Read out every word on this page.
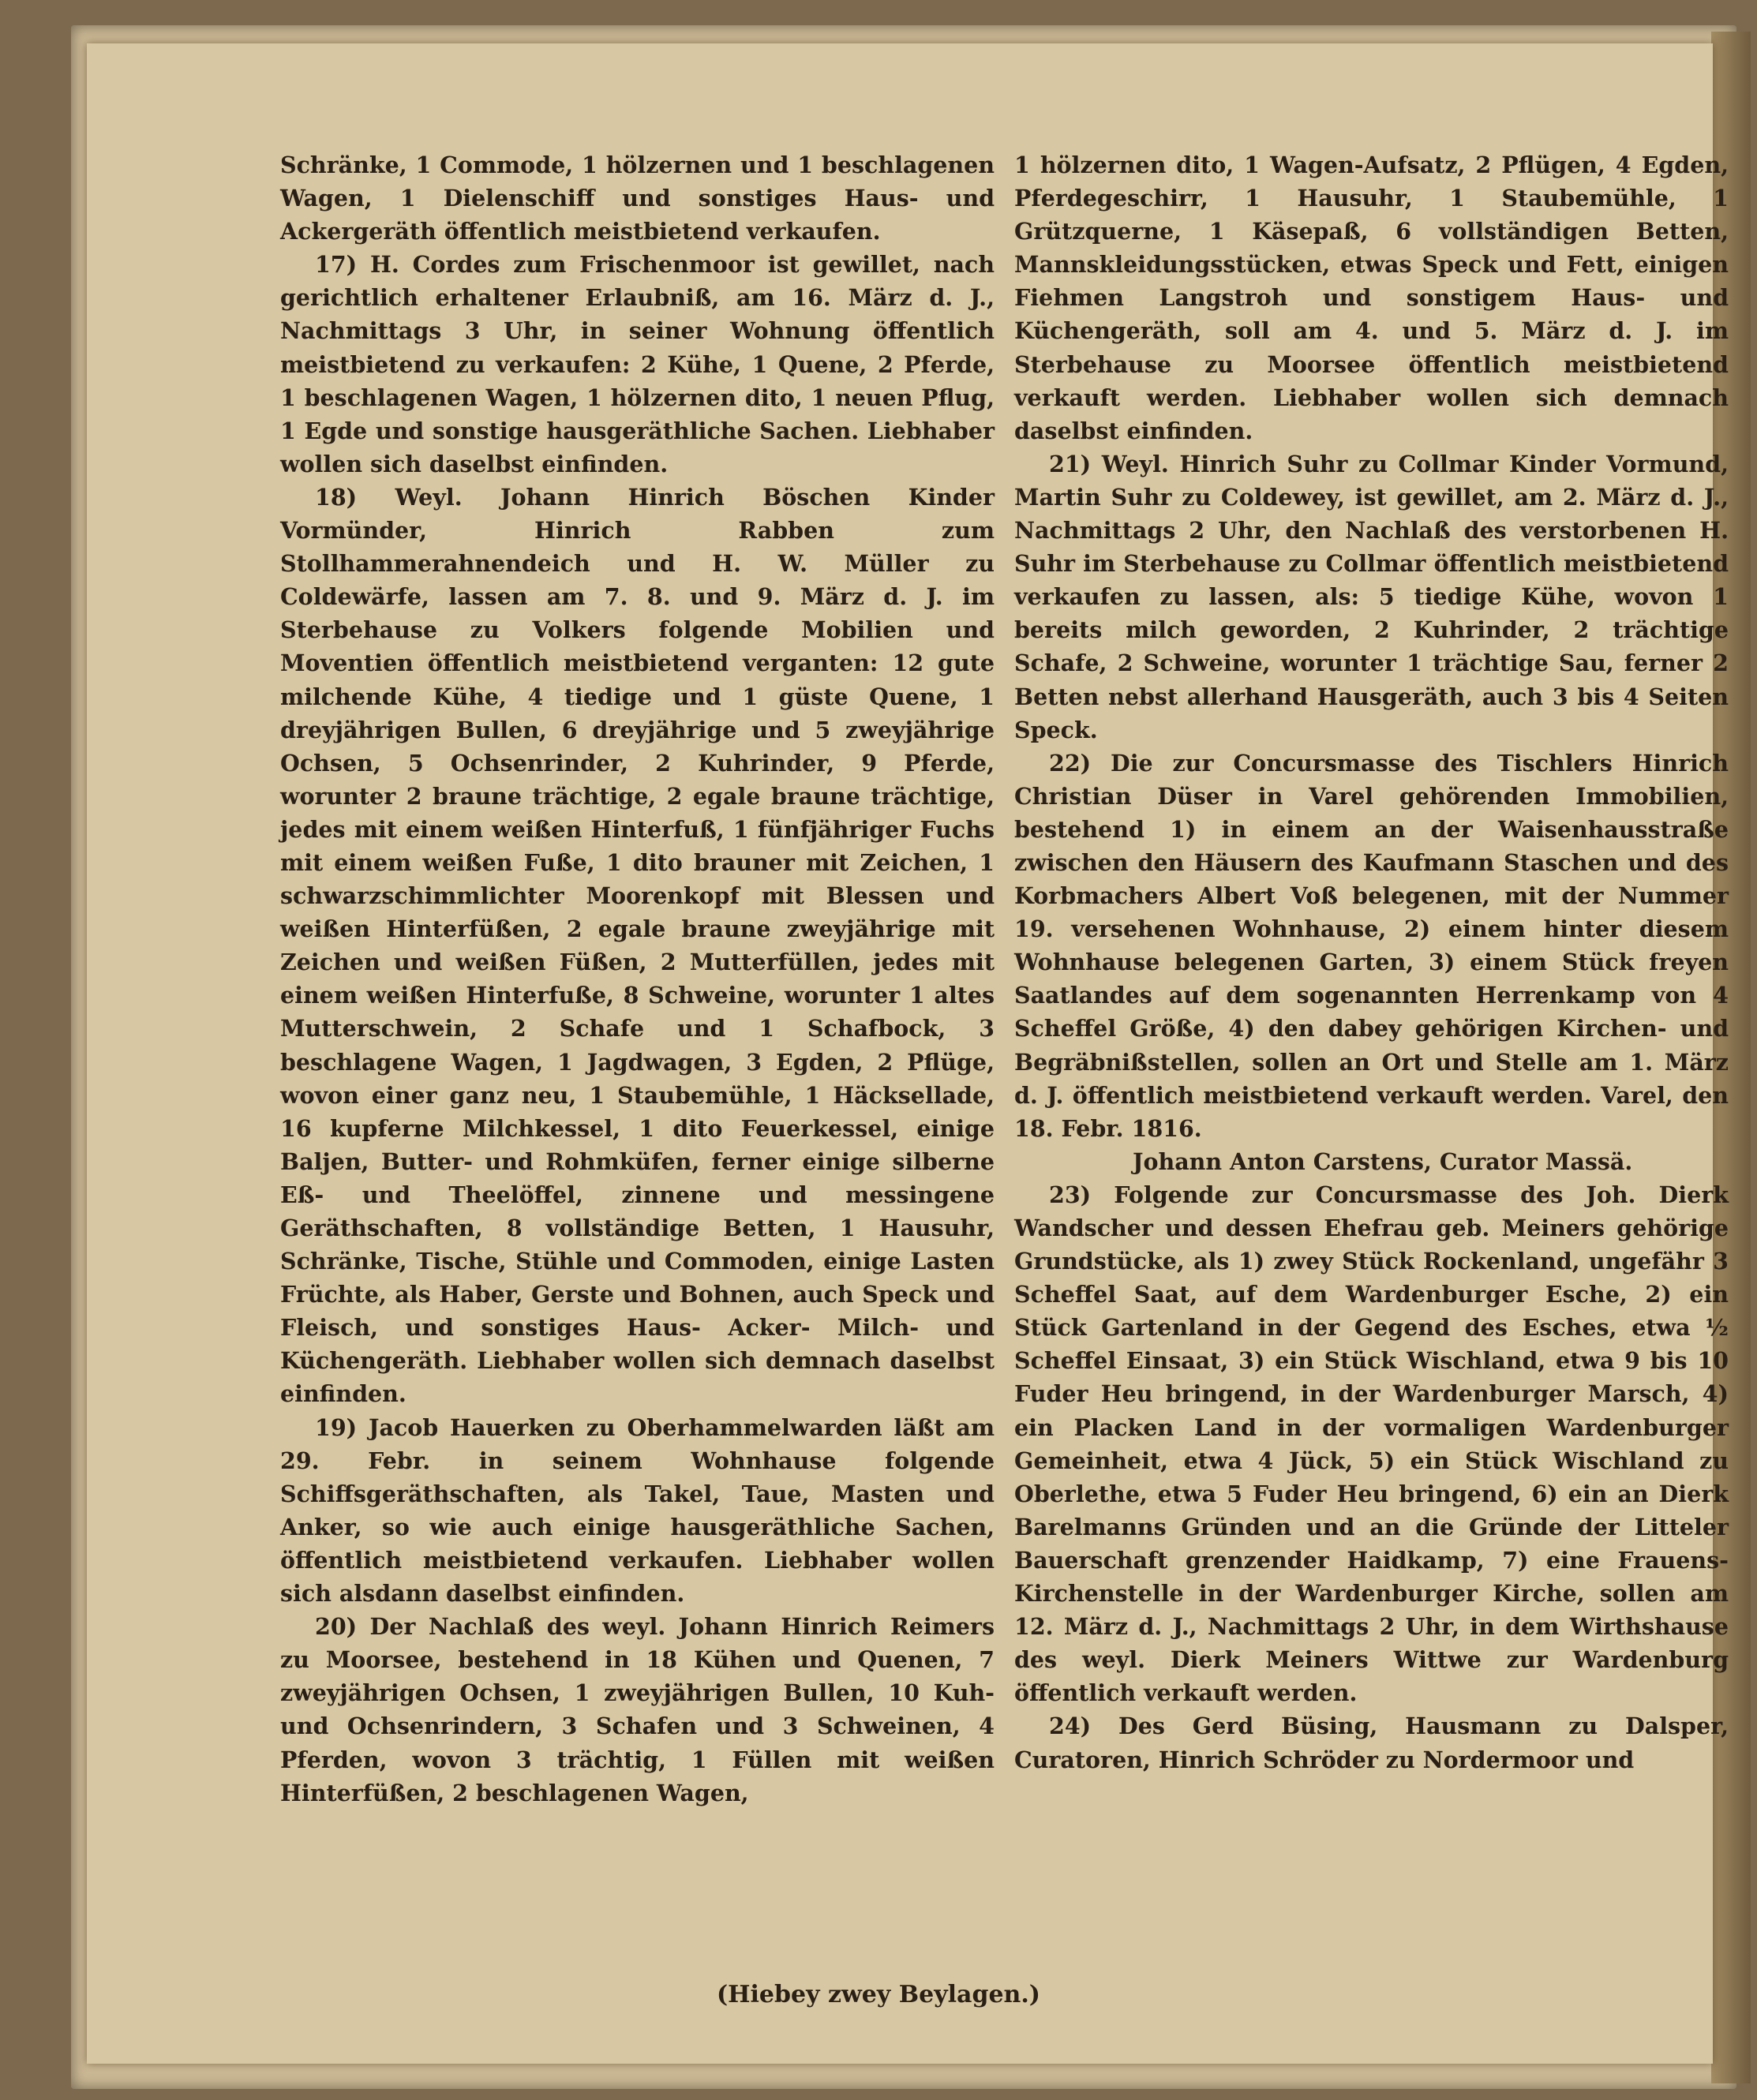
Schränke, 1 Commode, 1 hölzernen und 1 beschlagenen Wagen, 1 Dielenschiff und sonstiges Haus- und Ackergeräth öffentlich meistbietend verkaufen.

17) H. Cordes zum Frischenmoor ist gewillet, nach gerichtlich erhaltener Erlaubniß, am 16. März d. J., Nachmittags 3 Uhr, in seiner Wohnung öffentlich meistbietend zu verkaufen: 2 Kühe, 1 Quene, 2 Pferde, 1 beschlagenen Wagen, 1 hölzernen dito, 1 neuen Pflug, 1 Egde und sonstige hausgeräthliche Sachen. Liebhaber wollen sich daselbst einfinden.

18) Weyl. Johann Hinrich Böschen Kinder Vormünder, Hinrich Rabben zum Stollhammerahnendeich und H. W. Müller zu Coldewärfe, lassen am 7. 8. und 9. März d. J. im Sterbehause zu Volkers folgende Mobilien und Moventien öffentlich meistbietend verganten: 12 gute milchende Kühe, 4 tiedige und 1 güste Quene, 1 dreyjährigen Bullen, 6 dreyjährige und 5 zweyjährige Ochsen, 5 Ochsenrinder, 2 Kuhrinder, 9 Pferde, worunter 2 braune trächtige, 2 egale braune trächtige, jedes mit einem weißen Hinterfuß, 1 fünfjähriger Fuchs mit einem weißen Fuße, 1 dito brauner mit Zeichen, 1 schwarzschimmlichter Moorenkopf mit Blessen und weißen Hinterfüßen, 2 egale braune zweyjährige mit Zeichen und weißen Füßen, 2 Mutterfüllen, jedes mit einem weißen Hinterfuße, 8 Schweine, worunter 1 altes Mutterschwein, 2 Schafe und 1 Schafbock, 3 beschlagene Wagen, 1 Jagdwagen, 3 Egden, 2 Pflüge, wovon einer ganz neu, 1 Staubemühle, 1 Häcksellade, 16 kupferne Milchkessel, 1 dito Feuerkessel, einige Baljen, Butter- und Rohmküfen, ferner einige silberne Eß- und Theelöffel, zinnene und messingene Geräthschaften, 8 vollständige Betten, 1 Hausuhr, Schränke, Tische, Stühle und Commoden, einige Lasten Früchte, als Haber, Gerste und Bohnen, auch Speck und Fleisch, und sonstiges Haus- Acker- Milch- und Küchengeräth. Liebhaber wollen sich demnach daselbst einfinden.

19) Jacob Hauerken zu Oberhammelwarden läßt am 29. Febr. in seinem Wohnhause folgende Schiffsgeräthschaften, als Takel, Taue, Masten und Anker, so wie auch einige hausgeräthliche Sachen, öffentlich meistbietend verkaufen. Liebhaber wollen sich alsdann daselbst einfinden.

20) Der Nachlaß des weyl. Johann Hinrich Reimers zu Moorsee, bestehend in 18 Kühen und Quenen, 7 zweyjährigen Ochsen, 1 zweyjährigen Bullen, 10 Kuh- und Ochsenrindern, 3 Schafen und 3 Schweinen, 4 Pferden, wovon 3 trächtig, 1 Füllen mit weißen Hinterfüßen, 2 beschlagenen Wagen,

1 hölzernen dito, 1 Wagen-Aufsatz, 2 Pflügen, 4 Egden, Pferdegeschirr, 1 Hausuhr, 1 Staubemühle, 1 Grützquerne, 1 Käsepaß, 6 vollständigen Betten, Mannskleidungsstücken, etwas Speck und Fett, einigen Fiehmen Langstroh und sonstigem Haus- und Küchengeräth, soll am 4. und 5. März d. J. im Sterbehause zu Moorsee öffentlich meistbietend verkauft werden. Liebhaber wollen sich demnach daselbst einfinden.

21) Weyl. Hinrich Suhr zu Collmar Kinder Vormund, Martin Suhr zu Coldewey, ist gewillet, am 2. März d. J., Nachmittags 2 Uhr, den Nachlaß des verstorbenen H. Suhr im Sterbehause zu Collmar öffentlich meistbietend verkaufen zu lassen, als: 5 tiedige Kühe, wovon 1 bereits milch geworden, 2 Kuhrinder, 2 trächtige Schafe, 2 Schweine, worunter 1 trächtige Sau, ferner 2 Betten nebst allerhand Hausgeräth, auch 3 bis 4 Seiten Speck.

22) Die zur Concursmasse des Tischlers Hinrich Christian Düser in Varel gehörenden Immobilien, bestehend 1) in einem an der Waisenhausstraße zwischen den Häusern des Kaufmann Staschen und des Korbmachers Albert Voß belegenen, mit der Nummer 19. versehenen Wohnhause, 2) einem hinter diesem Wohnhause belegenen Garten, 3) einem Stück freyen Saatlandes auf dem sogenannten Herrenkamp von 4 Scheffel Größe, 4) den dabey gehörigen Kirchen- und Begräbnißstellen, sollen an Ort und Stelle am 1. März d. J. öffentlich meistbietend verkauft werden. Varel, den 18. Febr. 1816.

Johann Anton Carstens, Curator Massä.

23) Folgende zur Concursmasse des Joh. Dierk Wandscher und dessen Ehefrau geb. Meiners gehörige Grundstücke, als 1) zwey Stück Rockenland, ungefähr 3 Scheffel Saat, auf dem Wardenburger Esche, 2) ein Stück Gartenland in der Gegend des Esches, etwa ½ Scheffel Einsaat, 3) ein Stück Wischland, etwa 9 bis 10 Fuder Heu bringend, in der Wardenburger Marsch, 4) ein Placken Land in der vormaligen Wardenburger Gemeinheit, etwa 4 Jück, 5) ein Stück Wischland zu Oberlethe, etwa 5 Fuder Heu bringend, 6) ein an Dierk Barelmanns Gründen und an die Gründe der Litteler Bauerschaft grenzender Haidkamp, 7) eine Frauens-Kirchenstelle in der Wardenburger Kirche, sollen am 12. März d. J., Nachmittags 2 Uhr, in dem Wirthshause des weyl. Dierk Meiners Wittwe zur Wardenburg öffentlich verkauft werden.

24) Des Gerd Büsing, Hausmann zu Dalsper, Curatoren, Hinrich Schröder zu Nordermoor und

(Hiebey zwey Beylagen.)
